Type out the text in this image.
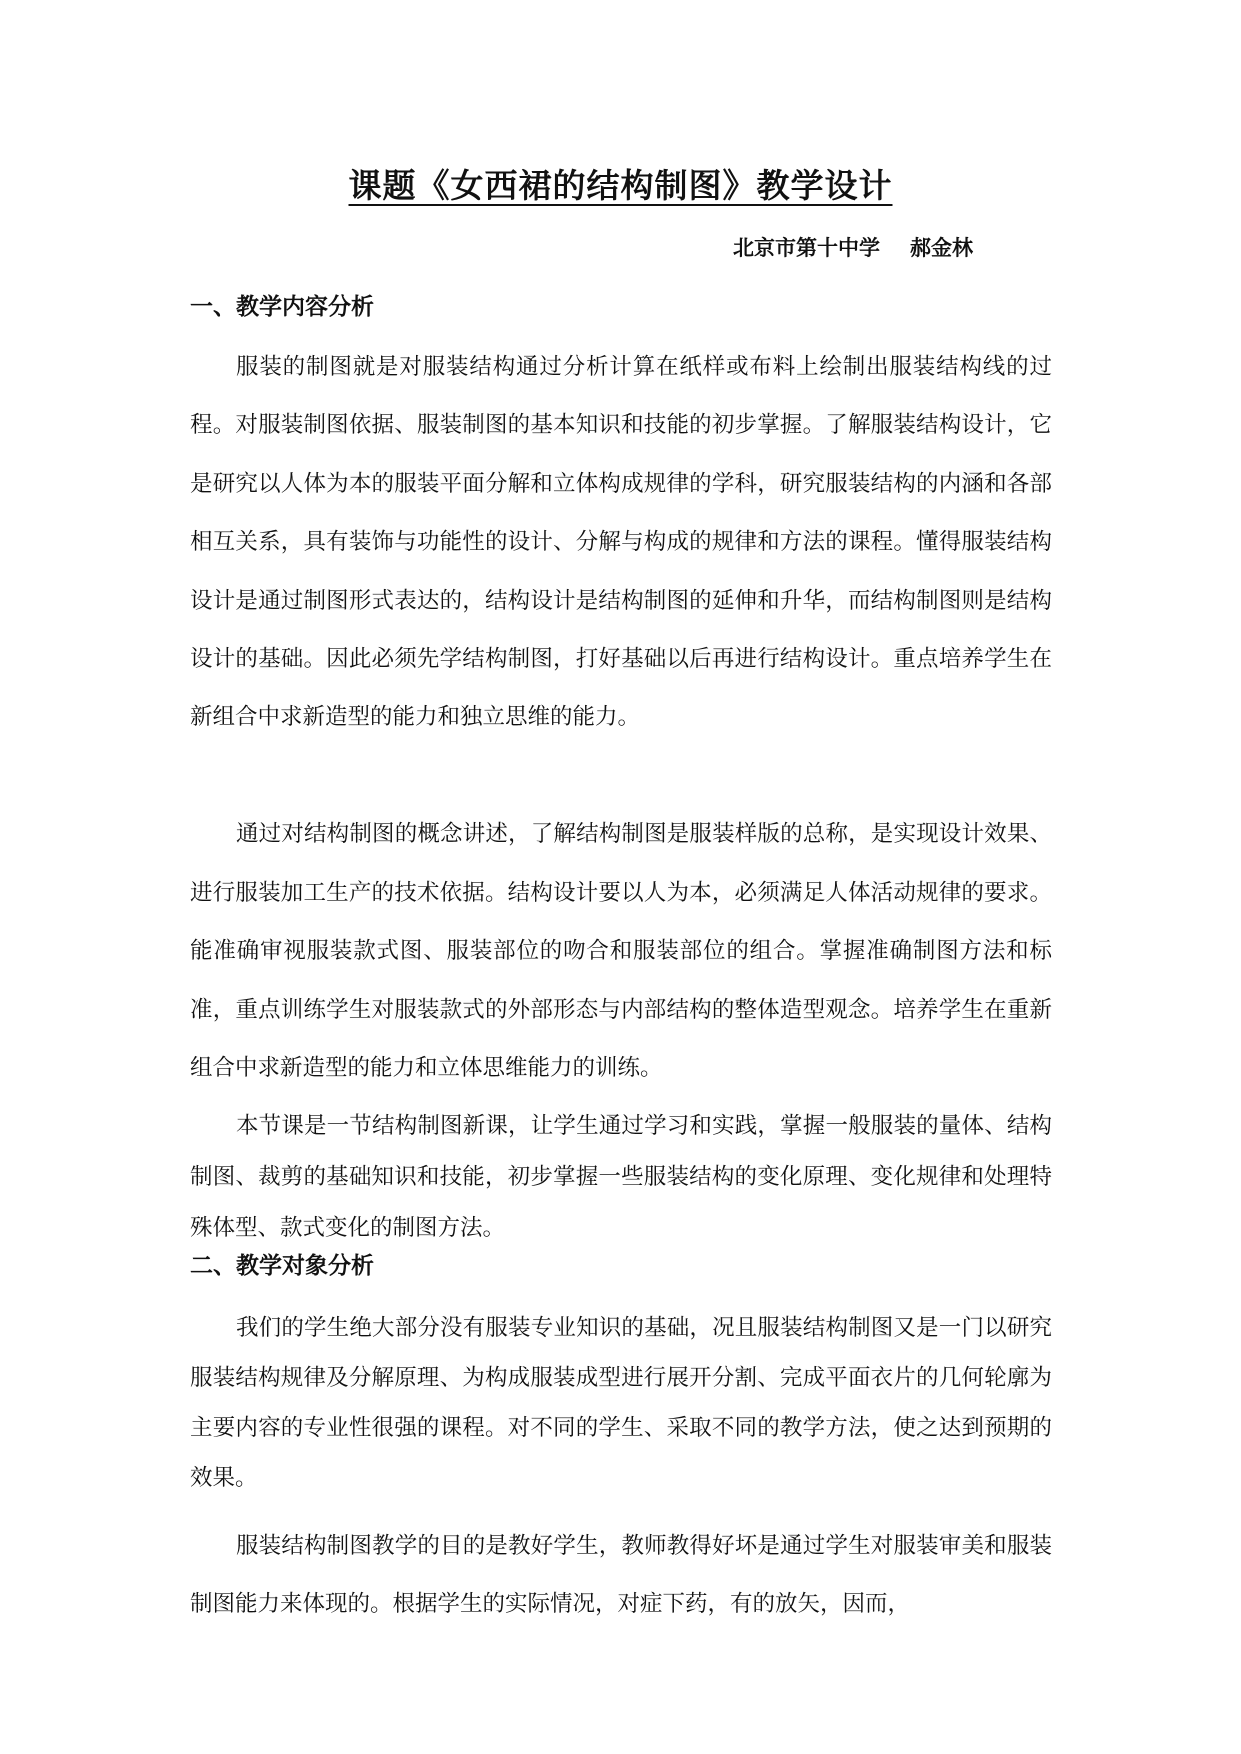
课题《女西裙的结构制图》教学设计
北京市第十中学 郝金林
一、教学内容分析

服装的制图就是对服装结构通过分析计算在纸样或布料上绘制出服装结构线的过程。对服装制图依据、服装制图的基本知识和技能的初步掌握。了解服装结构设计，它是研究以人体为本的服装平面分解和立体构成规律的学科，研究服装结构的内涵和各部相互关系，具有装饰与功能性的设计、分解与构成的规律和方法的课程。懂得服装结构设计是通过制图形式表达的，结构设计是结构制图的延伸和升华，而结构制图则是结构设计的基础。因此必须先学结构制图，打好基础以后再进行结构设计。重点培养学生在新组合中求新造型的能力和独立思维的能力。

通过对结构制图的概念讲述，了解结构制图是服装样版的总称，是实现设计效果、进行服装加工生产的技术依据。结构设计要以人为本，必须满足人体活动规律的要求。能准确审视服装款式图、服装部位的吻合和服装部位的组合。掌握准确制图方法和标准，重点训练学生对服装款式的外部形态与内部结构的整体造型观念。培养学生在重新组合中求新造型的能力和立体思维能力的训练。

本节课是一节结构制图新课，让学生通过学习和实践，掌握一般服装的量体、结构制图、裁剪的基础知识和技能，初步掌握一些服装结构的变化原理、变化规律和处理特殊体型、款式变化的制图方法。

二、教学对象分析

我们的学生绝大部分没有服装专业知识的基础，况且服装结构制图又是一门以研究服装结构规律及分解原理、为构成服装成型进行展开分割、完成平面衣片的几何轮廓为主要内容的专业性很强的课程。对不同的学生、采取不同的教学方法，使之达到预期的效果。

服装结构制图教学的目的是教好学生，教师教得好坏是通过学生对服装审美和服装制图能力来体现的。根据学生的实际情况，对症下药，有的放矢，因而，
